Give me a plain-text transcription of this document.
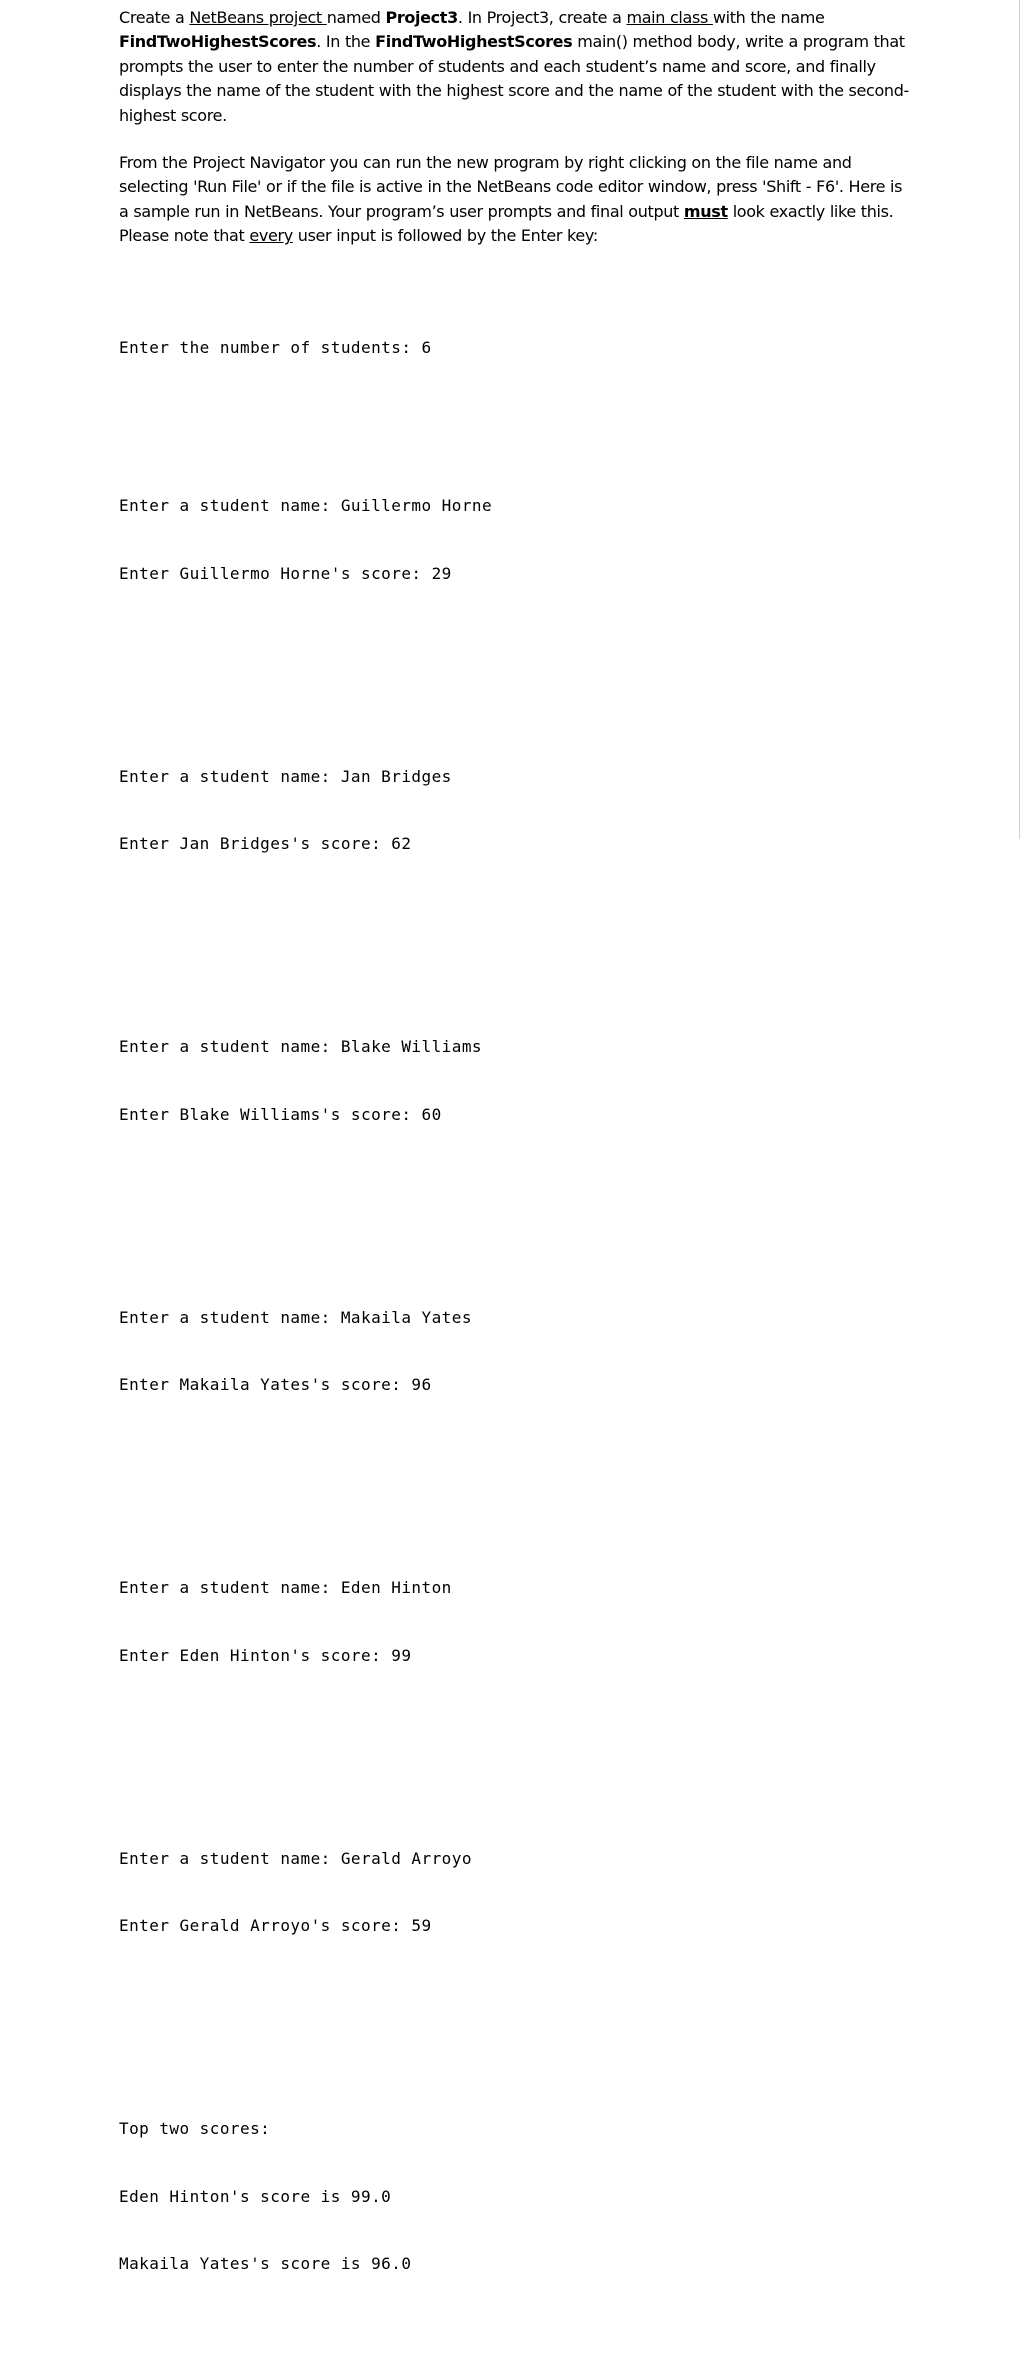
Create a NetBeans project named Project3. In Project3, create a main class with the name FindTwoHighestScores. In the FindTwoHighestScores main() method body, write a program that prompts the user to enter the number of students and each student’s name and score, and finally displays the name of the student with the highest score and the name of the student with the second-highest score.

From the Project Navigator you can run the new program by right clicking on the file name and selecting 'Run File' or if the file is active in the NetBeans code editor window, press 'Shift - F6'. Here is a sample run in NetBeans. Your program’s user prompts and final output must look exactly like this. Please note that every user input is followed by the Enter key:

Enter the number of students: 6

Enter a student name: Guillermo Horne

Enter Guillermo Horne's score: 29

Enter a student name: Jan Bridges

Enter Jan Bridges's score: 62

Enter a student name: Blake Williams

Enter Blake Williams's score: 60

Enter a student name: Makaila Yates

Enter Makaila Yates's score: 96

Enter a student name: Eden Hinton

Enter Eden Hinton's score: 99

Enter a student name: Gerald Arroyo

Enter Gerald Arroyo's score: 59

Top two scores:

Eden Hinton's score is 99.0

Makaila Yates's score is 96.0
